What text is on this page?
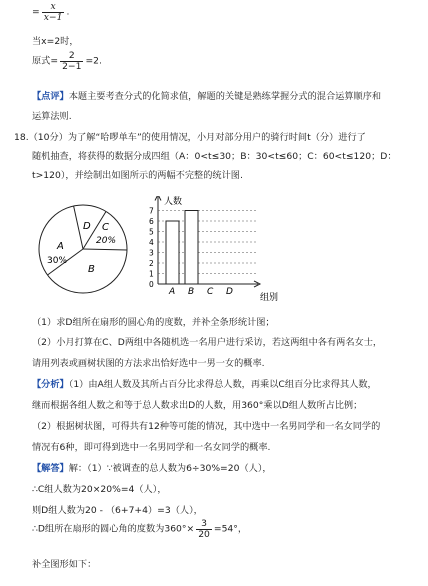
= $\frac{x}{x-1}$ .
当x=2时，
原式= $\frac{2}{2-1} =2$.
【点评】本题主要考查分式的化简求值，解题的关键是熟练掌握分式的混合运算顺序和
运算法则.
18.（10分）为了解“哈啰单车”的使用情况，小月对部分用户的骑行时间t（分）进行了
随机抽查，将获得的数据分成四组（A：0<t≤30；B：30<t≤60；C：60<t≤120；D：
t>120），并绘制出如图所示的两幅不完整的统计图.
D C
20%
A
30%
B
人数
组别
0
1
2
3
4
5
6
7
A B C D
（1）求D组所在扇形的圆心角的度数，并补全条形统计图；
（2）小月打算在C、D两组中各随机选一名用户进行采访，若这两组中各有两名女士，
请用列表或画树状图的方法求出恰好选中一男一女的概率.
【分析】（1）由A组人数及其所占百分比求得总人数，再乘以C组百分比求得其人数，
继而根据各组人数之和等于总人数求出D的人数，用360°乘以D组人数所占比例；
（2）根据树状图，可得共有12种等可能的情况，其中选中一名男同学和一名女同学的
情况有6种，即可得到选中一名男同学和一名女同学的概率.
【解答】解：（1）∵被调查的总人数为6÷30%=20（人），
∴C组人数为20×20%=4（人），
则D组人数为20 - （6+7+4）=3（人），
∴D组所在扇形的圆心角的度数为$360^\circ\times \frac{3}{20} =54^\circ$，
补全图形如下：
